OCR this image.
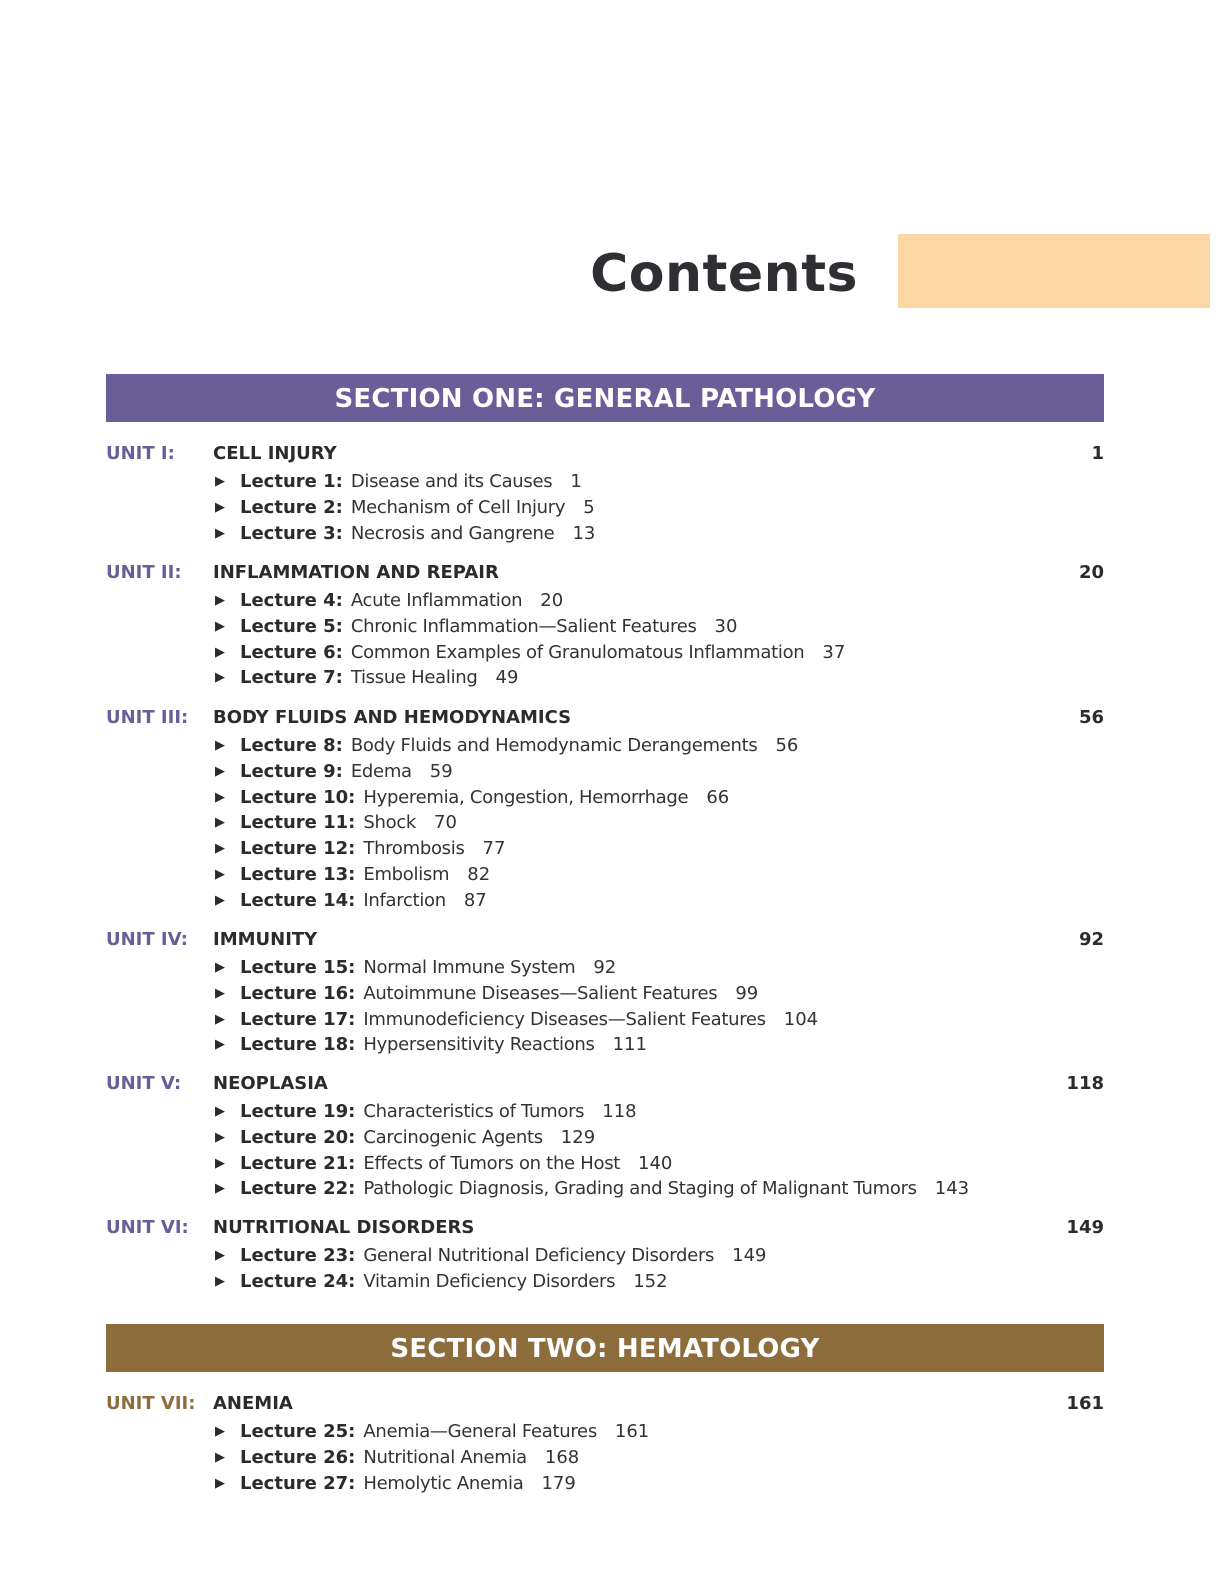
Contents
SECTION ONE: GENERAL PATHOLOGY
UNIT I: CELL INJURY	1
▶ Lecture 1: Disease and its Causes 1
▶ Lecture 2: Mechanism of Cell Injury 5
▶ Lecture 3: Necrosis and Gangrene 13
UNIT II: INFLAMMATION AND REPAIR	20
▶ Lecture 4: Acute Inflammation 20
▶ Lecture 5: Chronic Inflammation—Salient Features 30
▶ Lecture 6: Common Examples of Granulomatous Inflammation 37
▶ Lecture 7: Tissue Healing 49
UNIT III: BODY FLUIDS AND HEMODYNAMICS	56
▶ Lecture 8: Body Fluids and Hemodynamic Derangements 56
▶ Lecture 9: Edema 59
▶ Lecture 10: Hyperemia, Congestion, Hemorrhage 66
▶ Lecture 11: Shock 70
▶ Lecture 12: Thrombosis 77
▶ Lecture 13: Embolism 82
▶ Lecture 14: Infarction 87
UNIT IV: IMMUNITY	92
▶ Lecture 15: Normal Immune System 92
▶ Lecture 16: Autoimmune Diseases—Salient Features 99
▶ Lecture 17: Immunodeficiency Diseases—Salient Features 104
▶ Lecture 18: Hypersensitivity Reactions 111
UNIT V: NEOPLASIA	118
▶ Lecture 19: Characteristics of Tumors 118
▶ Lecture 20: Carcinogenic Agents 129
▶ Lecture 21: Effects of Tumors on the Host 140
▶ Lecture 22: Pathologic Diagnosis, Grading and Staging of Malignant Tumors 143
UNIT VI: NUTRITIONAL DISORDERS	149
▶ Lecture 23: General Nutritional Deficiency Disorders 149
▶ Lecture 24: Vitamin Deficiency Disorders 152
SECTION TWO: HEMATOLOGY
UNIT VII: ANEMIA	161
▶ Lecture 25: Anemia—General Features 161
▶ Lecture 26: Nutritional Anemia 168
▶ Lecture 27: Hemolytic Anemia 179
